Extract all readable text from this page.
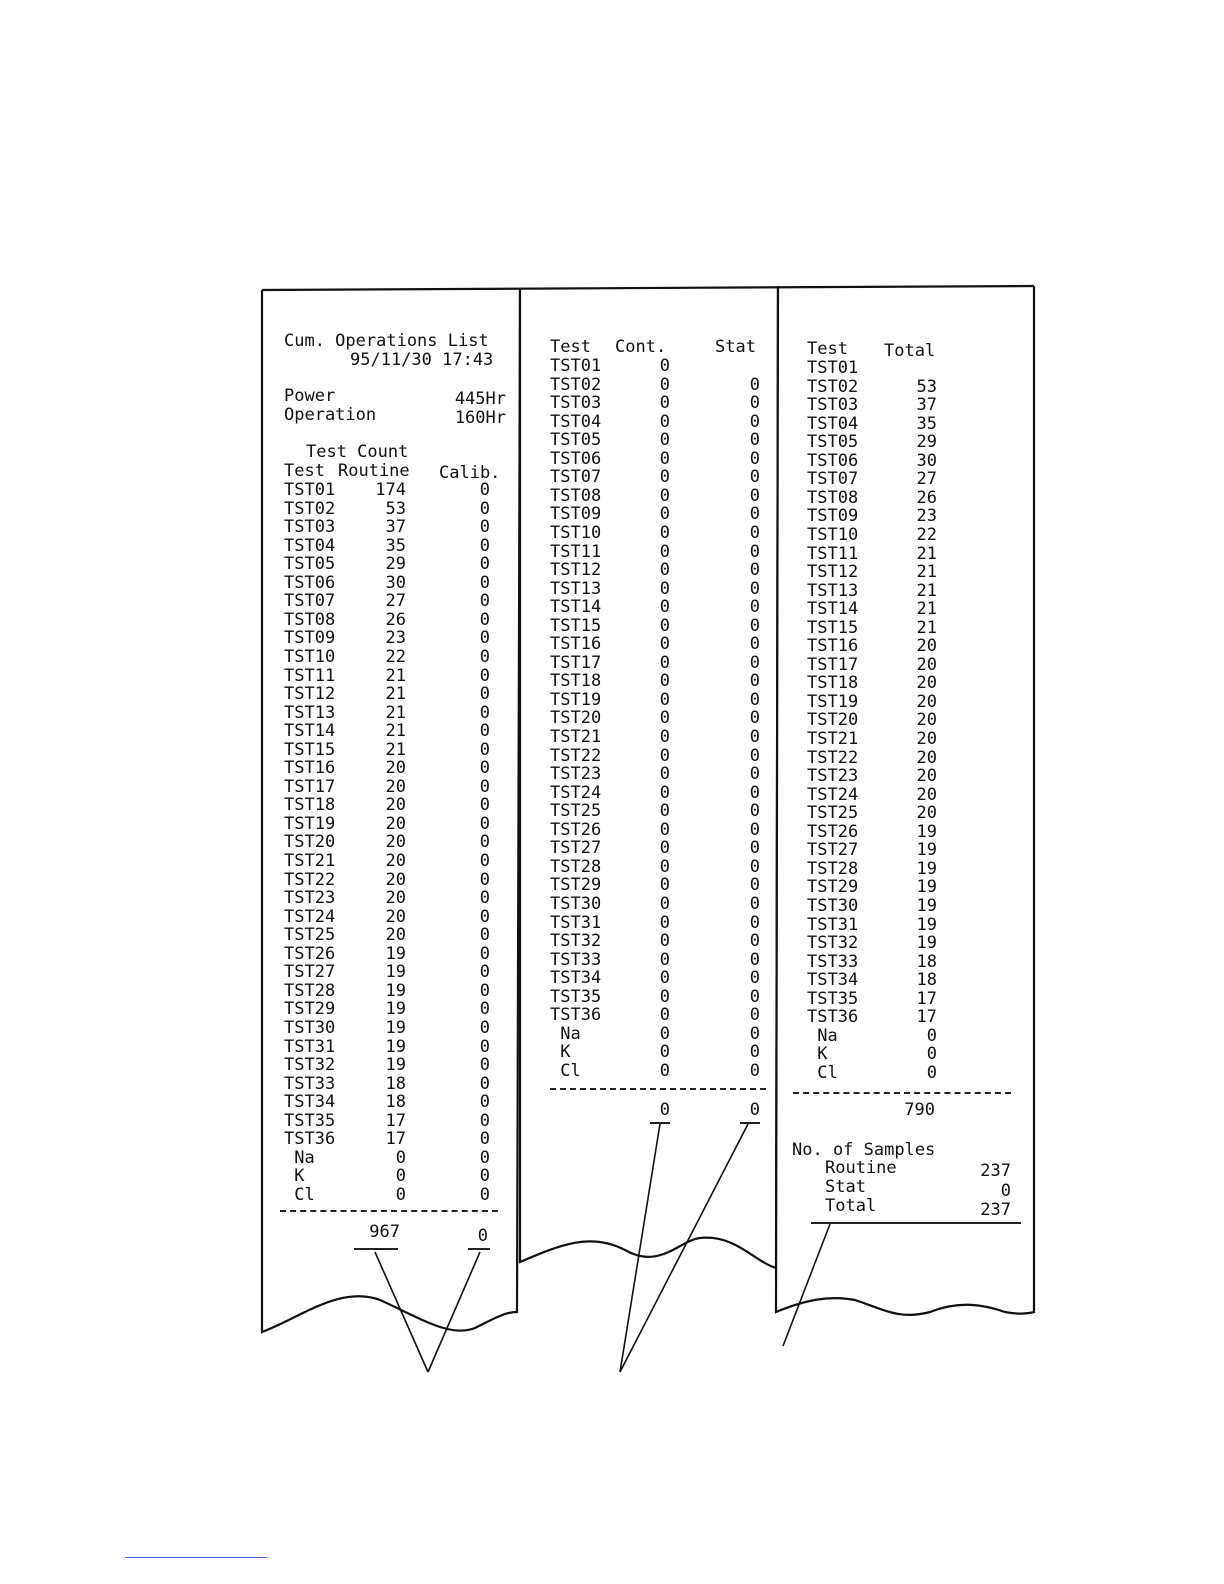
Cum. Operations List
95/11/30 17:43
Power	445Hr
Operation	160Hr
Test Count
Test Routine Calib.
TST01	174	0
TST02	53	0
TST03	37	0
TST04	35	0
TST05	29	0
TST06	30	0
TST07	27	0
TST08	26	0
TST09	23	0
TST10	22	0
TST11	21	0
TST12	21	0
TST13	21	0
TST14	21	0
TST15	21	0
TST16	20	0
TST17	20	0
TST18	20	0
TST19	20	0
TST20	20	0
TST21	20	0
TST22	20	0
TST23	20	0
TST24	20	0
TST25	20	0
TST26	19	0
TST27	19	0
TST28	19	0
TST29	19	0
TST30	19	0
TST31	19	0
TST32	19	0
TST33	18	0
TST34	18	0
TST35	17	0
TST36	17	0
Na	0	0
K	0	0
Cl	0	0
967	0
Test Cont.	Stat
TST01	0
TST02	0	0
TST03	0	0
TST04	0	0
TST05	0	0
TST06	0	0
TST07	0	0
TST08	0	0
TST09	0	0
TST10	0	0
TST11	0	0
TST12	0	0
TST13	0	0
TST14	0	0
TST15	0	0
TST16	0	0
TST17	0	0
TST18	0	0
TST19	0	0
TST20	0	0
TST21	0	0
TST22	0	0
TST23	0	0
TST24	0	0
TST25	0	0
TST26	0	0
TST27	0	0
TST28	0	0
TST29	0	0
TST30	0	0
TST31	0	0
TST32	0	0
TST33	0	0
TST34	0	0
TST35	0	0
TST36	0	0
Na	0	0
K	0	0
Cl	0	0
0	0
Test Total
TST01
TST02	53
TST03	37
TST04	35
TST05	29
TST06	30
TST07	27
TST08	26
TST09	23
TST10	22
TST11	21
TST12	21
TST13	21
TST14	21
TST15	21
TST16	20
TST17	20
TST18	20
TST19	20
TST20	20
TST21	20
TST22	20
TST23	20
TST24	20
TST25	20
TST26	19
TST27	19
TST28	19
TST29	19
TST30	19
TST31	19
TST32	19
TST33	18
TST34	18
TST35	17
TST36	17
Na	0
K	0
Cl	0
790
No. of Samples
Routine	237
Stat	0
Total	237
